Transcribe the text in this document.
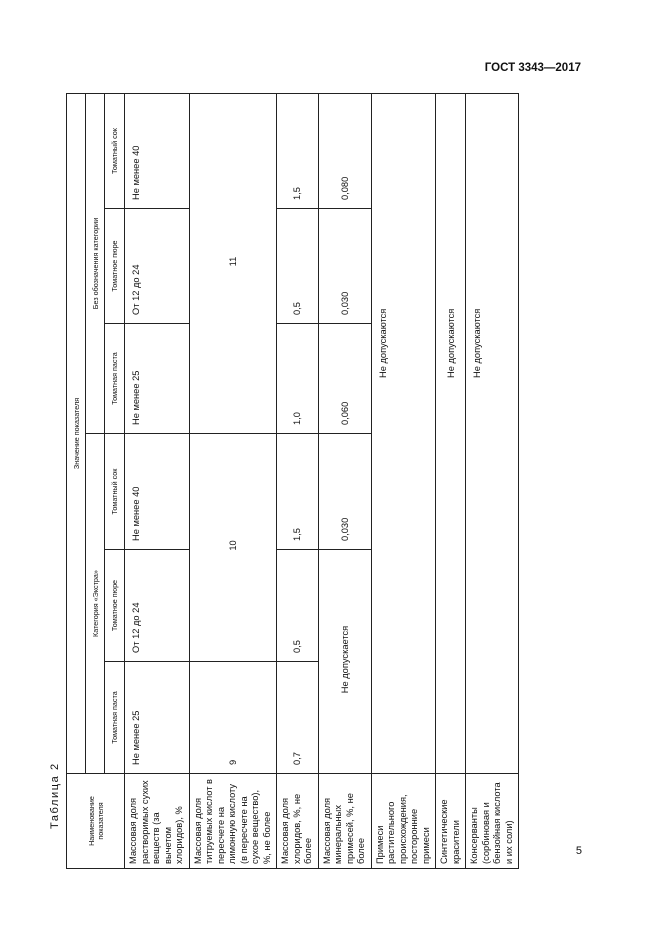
ГОСТ 3343—2017
Таблица 2	Наименование показателя	Значение показателя					
	Категория «Экстра»			Без обозначения категории		
	Томатная паста	Томатное пюре	Томатный сок	Томатная паста	Томатное пюре	Томатный сок
Массовая доля растворимых сухих веществ (за вычетом хлоридов), %	Не менее 25	От 12 до 24	Не менее 40	Не менее 25	От 12 до 24	Не менее 40
Массовая доля титруемых кислот в пересчете на лимонную кислоту (в пересчете на сухое вещество), %, не более	9	10		11		
Массовая доля хлоридов, %, не более	0,7	0,5	1,5	1,0	0,5	1,5
Массовая доля минеральных примесей, %, не более	Не допускается		0,030	0,060	0,030	0,080
Примеси растительного происхождения, посторонние примеси	Не допускаются					
Синтетические красители	Не допускаются					
Консерванты (сорбиновая и бензойная кислота и их соли)	Не допускаются					
5
